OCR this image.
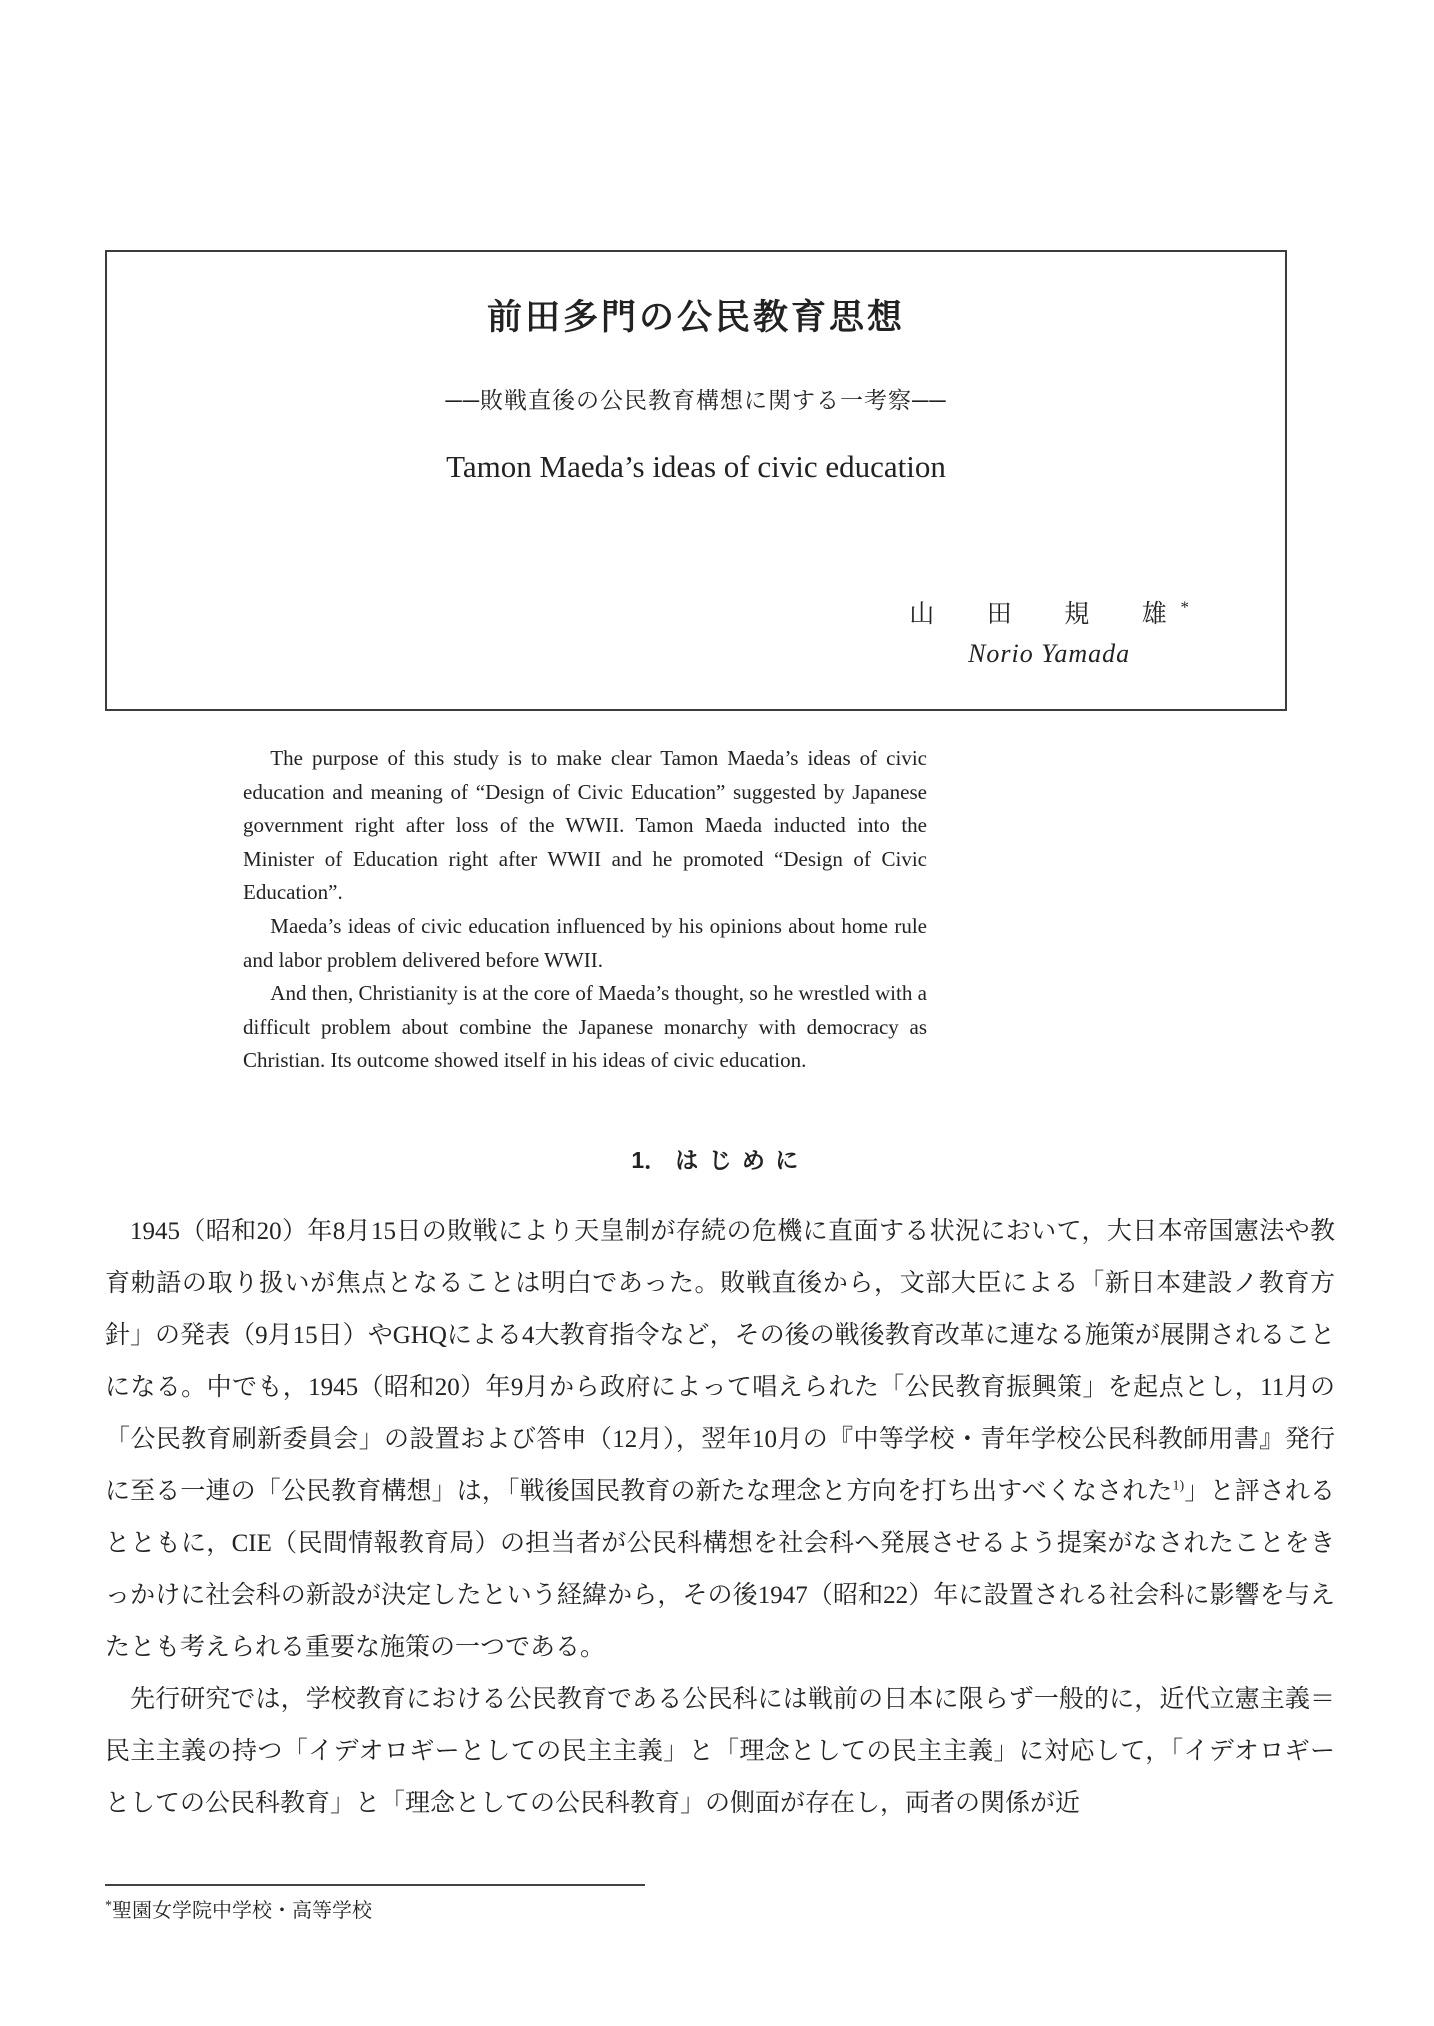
前田多門の公民教育思想
──敗戦直後の公民教育構想に関する一考察──
Tamon Maeda’s ideas of civic education
山　田　規　雄*
Norio Yamada

The purpose of this study is to make clear Tamon Maeda’s ideas of civic education and meaning of “Design of Civic Education” suggested by Japanese government right after loss of the WWII. Tamon Maeda inducted into the Minister of Education right after WWII and he promoted “Design of Civic Education”.

Maeda’s ideas of civic education influenced by his opinions about home rule and labor problem delivered before WWII.

And then, Christianity is at the core of Maeda’s thought, so he wrestled with a difficult problem about combine the Japanese monarchy with democracy as Christian. Its outcome showed itself in his ideas of civic education.

1． はじめに

1945（昭和20）年8月15日の敗戦により天皇制が存続の危機に直面する状況において，大日本帝国憲法や教育勅語の取り扱いが焦点となることは明白であった。敗戦直後から，文部大臣による「新日本建設ノ教育方針」の発表（9月15日）やGHQによる4大教育指令など，その後の戦後教育改革に連なる施策が展開されることになる。中でも，1945（昭和20）年9月から政府によって唱えられた「公民教育振興策」を起点とし，11月の「公民教育刷新委員会」の設置および答申（12月），翌年10月の『中等学校・青年学校公民科教師用書』発行に至る一連の「公民教育構想」は，「戦後国民教育の新たな理念と方向を打ち出すべくなされた$^{1)}$」と評されるとともに，CIE（民間情報教育局）の担当者が公民科構想を社会科へ発展させるよう提案がなされたことをきっかけに社会科の新設が決定したという経緯から，その後1947（昭和22）年に設置される社会科に影響を与えたとも考えられる重要な施策の一つである。

先行研究では，学校教育における公民教育である公民科には戦前の日本に限らず一般的に，近代立憲主義＝民主主義の持つ「イデオロギーとしての民主主義」と「理念としての民主主義」に対応して，「イデオロギーとしての公民科教育」と「理念としての公民科教育」の側面が存在し，両者の関係が近

*聖園女学院中学校・高等学校
